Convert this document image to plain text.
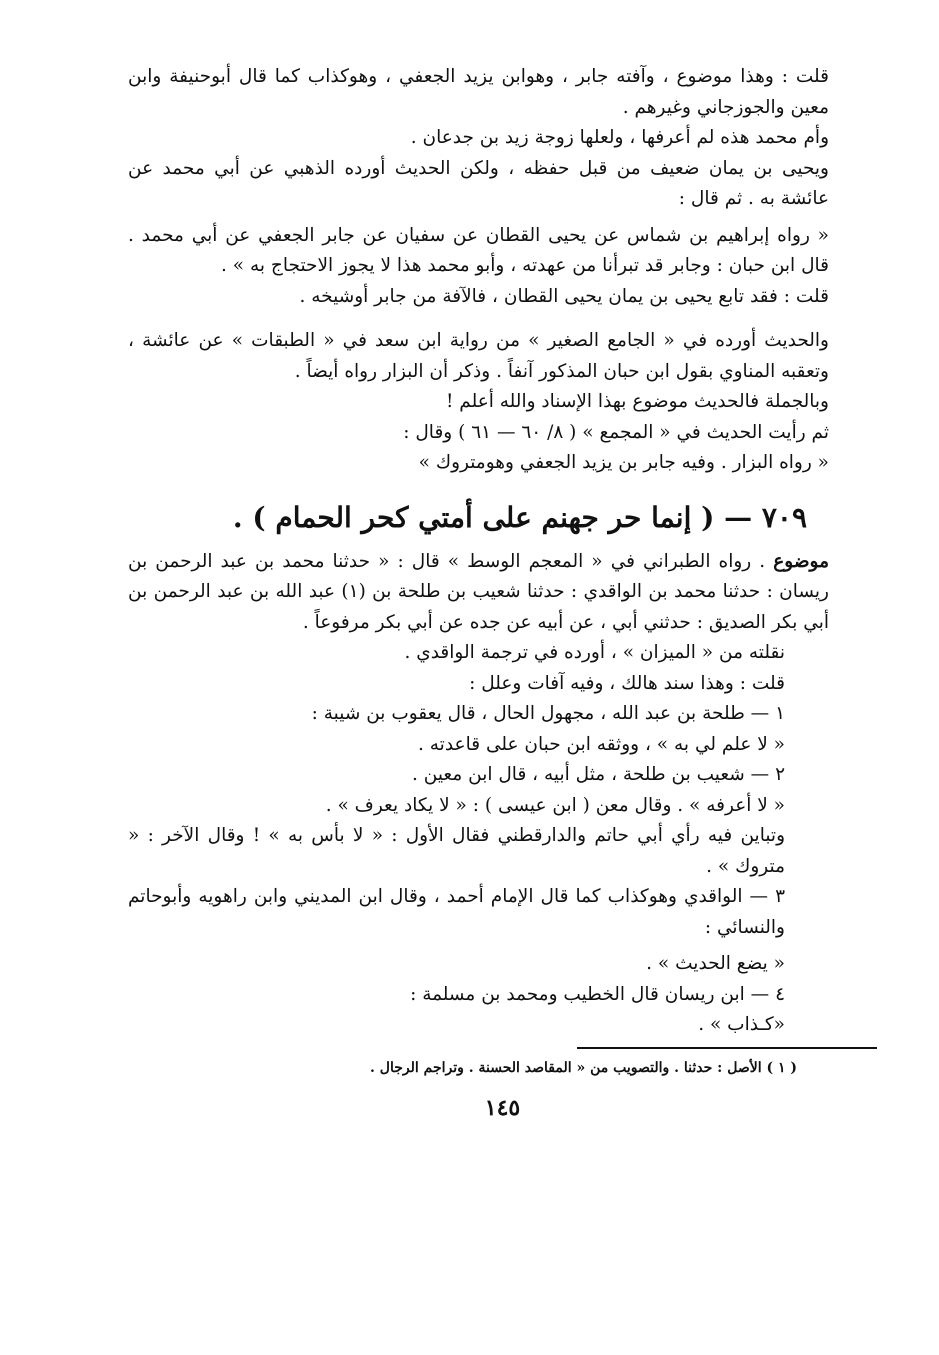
قلت : وهذا موضوع ، وآفته جابر ، وهوابن يزيد الجعفي ، وهوكذاب كما قال أبوحنيفة وابن معين والجوزجاني وغيرهم .

وأم محمد هذه لم أعرفها ، ولعلها زوجة زيد بن جدعان .

ويحيى بن يمان ضعيف من قبل حفظه ، ولكن الحديث أورده الذهبي عن أبي محمد عن عائشة به . ثم قال :

« رواه إبراهيم بن شماس عن يحيى القطان عن سفيان عن جابر الجعفي عن أبي محمد . قال ابن حبان : وجابر قد تبرأنا من عهدته ، وأبو محمد هذا لا يجوز الاحتجاج به » .

قلت : فقد تابع يحيى بن يمان يحيى القطان ، فالآفة من جابر أوشيخه .

والحديث أورده في « الجامع الصغير » من رواية ابن سعد في « الطبقات » عن عائشة ، وتعقبه المناوي بقول ابن حبان المذكور آنفاً . وذكر أن البزار رواه أيضاً .

وبالجملة فالحديث موضوع بهذا الإسناد والله أعلم !

ثم رأيت الحديث في « المجمع » ( ٨/ ٦٠ — ٦١ ) وقال :

« رواه البزار . وفيه جابر بن يزيد الجعفي وهومتروك »

٧٠٩ — ( إنما حر جهنم على أمتي كحر الحمام ) .

موضوع . رواه الطبراني في « المعجم الوسط » قال : « حدثنا محمد بن عبد الرحمن بن ريسان : حدثنا محمد بن الواقدي : حدثنا شعيب بن طلحة بن (١) عبد الله بن عبد الرحمن بن أبي بكر الصديق : حدثني أبي ، عن أبيه عن جده عن أبي بكر مرفوعاً .

نقلته من « الميزان » ، أورده في ترجمة الواقدي .

قلت : وهذا سند هالك ، وفيه آفات وعلل :

١ — طلحة بن عبد الله ، مجهول الحال ، قال يعقوب بن شيبة :

« لا علم لي به » ، ووثقه ابن حبان على قاعدته .

٢ — شعيب بن طلحة ، مثل أبيه ، قال ابن معين .

« لا أعرفه » . وقال معن ( ابن عيسى ) : « لا يكاد يعرف » .

وتباين فيه رأي أبي حاتم والدارقطني فقال الأول : « لا بأس به » ! وقال الآخر : « متروك » .

٣ — الواقدي وهوكذاب كما قال الإمام أحمد ، وقال ابن المديني وابن راهويه وأبوحاتم والنسائي :

« يضع الحديث » .

٤ — ابن ريسان قال الخطيب ومحمد بن مسلمة :

«كـذاب » .

( ١ ) الأصل : حدثنا . والتصويب من « المقاصد الحسنة . وتراجم الرجال .
١٤٥
